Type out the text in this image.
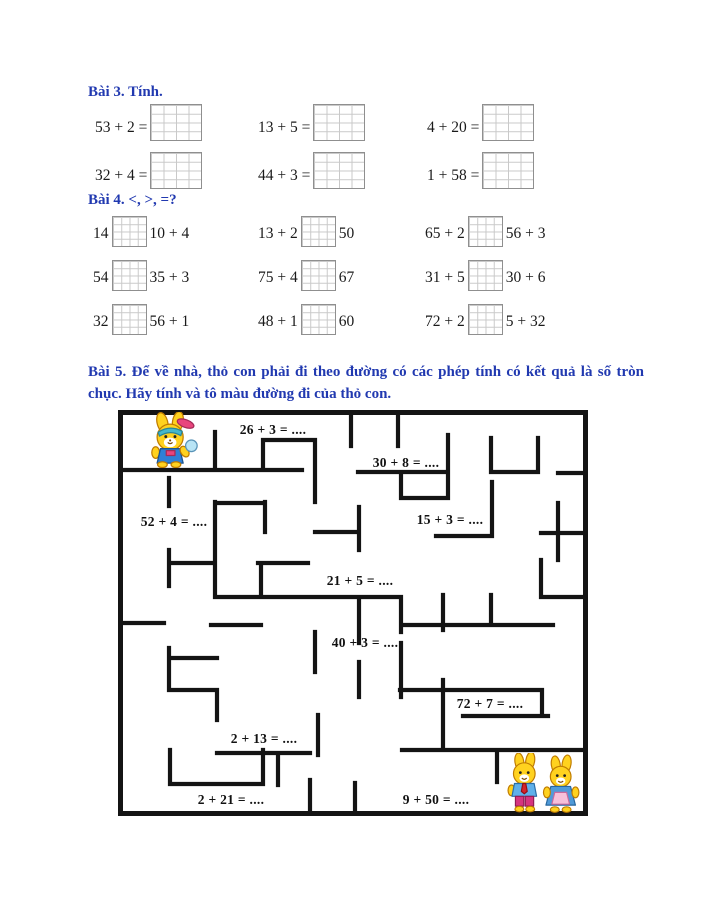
Bài 3. Tính.
53 + 2 =	13 + 5 =	4 + 20 =
32 + 4 =	44 + 3 =	1 + 58 =
Bài 4. <, >, =?
14	10 + 4	13 + 2	50	65 + 2	56 + 3
54	35 + 3	75 + 4	67	31 + 5	30 + 6
32	56 + 1	48 + 1	60	72 + 2	5 + 32
Bài 5. Để về nhà, thỏ con phải đi theo đường có các phép tính có kết quả là số tròn chục. Hãy tính và tô màu đường đi của thỏ con.
26 + 3 = ....
30 + 8 = ....
52 + 4 = ....	15 + 3 = ....
21 + 5 = ....
40 + 3 = ....
72 + 7 = ....
2 + 13 = ....
2 + 21 = ....	9 + 50 = ....
